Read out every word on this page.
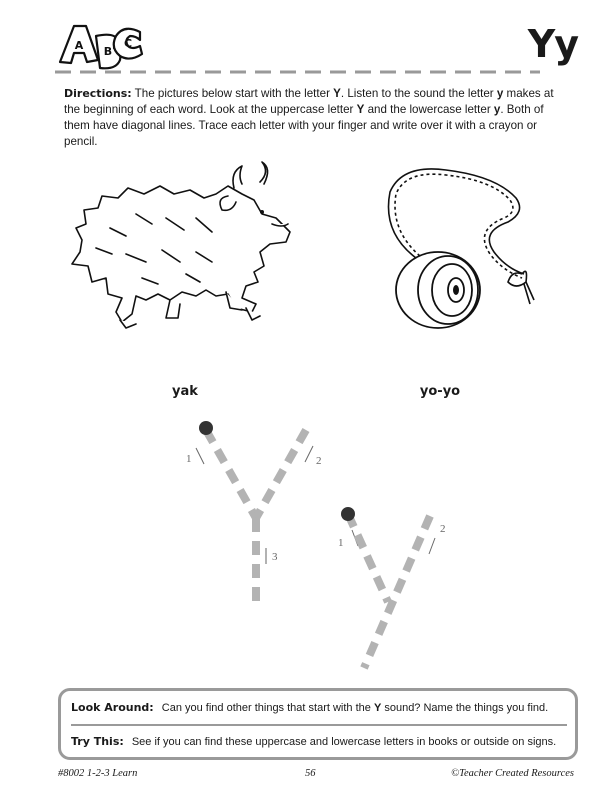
A B
C	Yy
Directions: The pictures below start with the letter Y. Listen to the sound the letter y makes at the beginning of each word. Look at the uppercase letter Y and the lowercase letter y. Both of them have diagonal lines. Trace each letter with your finger and write over it with a crayon or pencil.
yak	yo-yo
1	2
3
1
2
Look Around: Can you find other things that start with the Y sound? Name the things you find.
Try This: See if you can find these uppercase and lowercase letters in books or outside on signs.
#8002 1-2-3 Learn	56	©Teacher Created Resources
